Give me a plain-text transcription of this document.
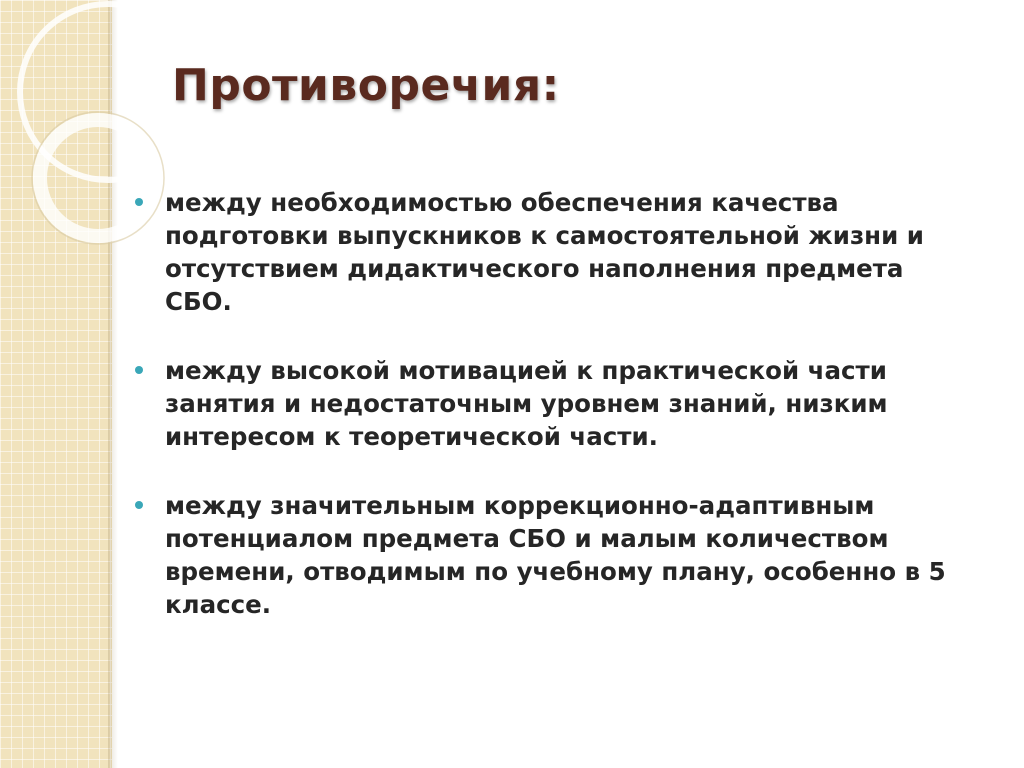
Противоречия:
между необходимостью обеспечения качества подготовки выпускников к самостоятельной жизни и отсутствием дидактического наполнения предмета СБО.
между высокой мотивацией к практической части занятия и недостаточным уровнем знаний, низким интересом к теоретической части.
между значительным коррекционно-адаптивным потенциалом предмета СБО и малым количеством времени, отводимым по учебному плану, особенно в 5 классе.
